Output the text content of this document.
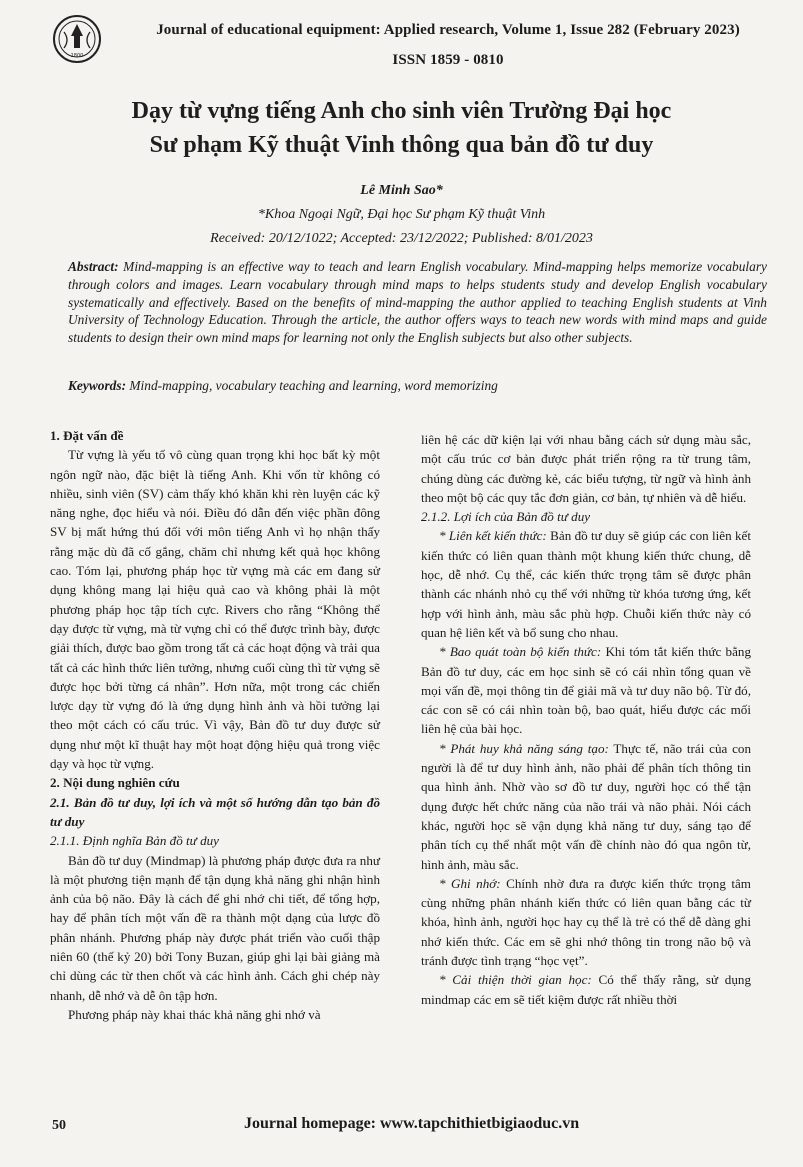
1800
Journal of educational equipment: Applied research, Volume 1, Issue 282 (February 2023)
ISSN 1859 - 0810
Dạy từ vựng tiếng Anh cho sinh viên Trường Đại học
Sư phạm Kỹ thuật Vinh thông qua bản đồ tư duy
Lê Minh Sao*
*Khoa Ngoại Ngữ, Đại học Sư phạm Kỹ thuật Vinh
Received: 20/12/1022; Accepted: 23/12/2022; Published: 8/01/2023
Abstract: Mind-mapping is an effective way to teach and learn English vocabulary. Mind-mapping helps memorize vocabulary through colors and images. Learn vocabulary through mind maps to helps students study and develop English vocabulary systematically and effectively. Based on the benefits of mind-mapping the author applied to teaching English students at Vinh University of Technology Education. Through the article, the author offers ways to teach new words with mind maps and guide students to design their own mind maps for learning not only the English subjects but also other subjects.
Keywords: Mind-mapping, vocabulary teaching and learning, word memorizing

1. Đặt vấn đề

Từ vựng là yếu tố vô cùng quan trọng khi học bất kỳ một ngôn ngữ nào, đặc biệt là tiếng Anh. Khi vốn từ không có nhiều, sinh viên (SV) cảm thấy khó khăn khi rèn luyện các kỹ năng nghe, đọc hiểu và nói. Điều đó dẫn đến việc phần đông SV bị mất hứng thú đối với môn tiếng Anh vì họ nhận thấy rằng mặc dù đã cố gắng, chăm chỉ nhưng kết quả học không cao. Tóm lại, phương pháp học từ vựng mà các em đang sử dụng không mang lại hiệu quả cao và không phải là một phương pháp học tập tích cực. Rivers cho rằng “Không thể dạy được từ vựng, mà từ vựng chỉ có thể được trình bày, được giải thích, được bao gồm trong tất cả các hoạt động và trải qua tất cả các hình thức liên tưởng, nhưng cuối cùng thì từ vựng sẽ được học bởi từng cá nhân”. Hơn nữa, một trong các chiến lược dạy từ vựng đó là ứng dụng hình ảnh và hồi tưởng lại theo một cách có cấu trúc. Vì vậy, Bản đồ tư duy được sử dụng như một kĩ thuật hay một hoạt động hiệu quả trong việc dạy và học từ vựng.

2. Nội dung nghiên cứu

2.1. Bản đồ tư duy, lợi ích và một số hướng dẫn tạo bản đồ tư duy

2.1.1. Định nghĩa Bản đồ tư duy

Bản đồ tư duy (Mindmap) là phương pháp được đưa ra như là một phương tiện mạnh để tận dụng khả năng ghi nhận hình ảnh của bộ não. Đây là cách để ghi nhớ chi tiết, để tổng hợp, hay để phân tích một vấn đề ra thành một dạng của lược đồ phân nhánh. Phương pháp này được phát triển vào cuối thập niên 60 (thế kỷ 20) bởi Tony Buzan, giúp ghi lại bài giảng mà chỉ dùng các từ then chốt và các hình ảnh. Cách ghi chép này nhanh, dễ nhớ và dễ ôn tập hơn.

Phương pháp này khai thác khả năng ghi nhớ và

liên hệ các dữ kiện lại với nhau bằng cách sử dụng màu sắc, một cấu trúc cơ bản được phát triển rộng ra từ trung tâm, chúng dùng các đường kẻ, các biểu tượng, từ ngữ và hình ảnh theo một bộ các quy tắc đơn giản, cơ bản, tự nhiên và dễ hiểu.

2.1.2. Lợi ích của Bản đồ tư duy

* Liên kết kiến thức: Bản đồ tư duy sẽ giúp các con liên kết kiến thức có liên quan thành một khung kiến thức chung, dễ học, dễ nhớ. Cụ thể, các kiến thức trọng tâm sẽ được phân thành các nhánh nhỏ cụ thể với những từ khóa tương ứng, kết hợp với hình ảnh, màu sắc phù hợp. Chuỗi kiến thức này có quan hệ liên kết và bổ sung cho nhau.

* Bao quát toàn bộ kiến thức: Khi tóm tắt kiến thức bằng Bản đồ tư duy, các em học sinh sẽ có cái nhìn tổng quan về mọi vấn đề, mọi thông tin để giải mã và tư duy não bộ. Từ đó, các con sẽ có cái nhìn toàn bộ, bao quát, hiểu được các mối liên hệ của bài học.

* Phát huy khả năng sáng tạo: Thực tế, não trái của con người là để tư duy hình ảnh, não phải để phân tích thông tin qua hình ảnh. Nhờ vào sơ đồ tư duy, người học có thể tận dụng được hết chức năng của não trái và não phải. Nói cách khác, người học sẽ vận dụng khả năng tư duy, sáng tạo để phân tích cụ thể nhất một vấn đề chính nào đó qua ngôn từ, hình ảnh, màu sắc.

* Ghi nhớ: Chính nhờ đưa ra được kiến thức trọng tâm cùng những phân nhánh kiến thức có liên quan bằng các từ khóa, hình ảnh, người học hay cụ thể là trẻ có thể dễ dàng ghi nhớ kiến thức. Các em sẽ ghi nhớ thông tin trong não bộ và tránh được tình trạng “học vẹt”.

* Cải thiện thời gian học: Có thể thấy rằng, sử dụng mindmap các em sẽ tiết kiệm được rất nhiều thời

50	Journal homepage: www.tapchithietbigiaoduc.vn
